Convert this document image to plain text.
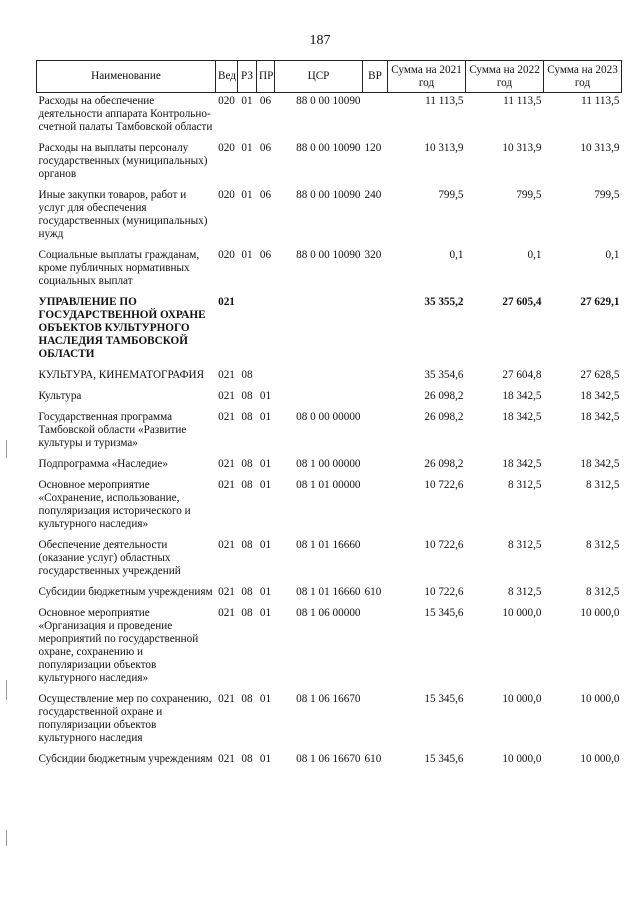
187
Наименование	Вед	РЗ	ПР	ЦСР	ВР	Сумма на 2021 год	Сумма на 2022 год	Сумма на 2023 год
Расходы на обеспечение деятельности аппарата Контрольно-счетной палаты Тамбовской области	020	01	06	88 0 00 10090		11 113,5	11 113,5	11 113,5
Расходы на выплаты персоналу государственных (муниципальных) органов	020	01	06	88 0 00 10090	120	10 313,9	10 313,9	10 313,9
Иные закупки товаров, работ и услуг для обеспечения государственных (муниципальных) нужд	020	01	06	88 0 00 10090	240	799,5	799,5	799,5
Социальные выплаты гражданам, кроме публичных нормативных социальных выплат	020	01	06	88 0 00 10090	320	0,1	0,1	0,1
УПРАВЛЕНИЕ ПО ГОСУДАРСТВЕННОЙ ОХРАНЕ ОБЪЕКТОВ КУЛЬТУРНОГО НАСЛЕДИЯ ТАМБОВСКОЙ ОБЛАСТИ	021					35 355,2	27 605,4	27 629,1
КУЛЬТУРА, КИНЕМАТОГРАФИЯ	021	08				35 354,6	27 604,8	27 628,5
Культура	021	08	01			26 098,2	18 342,5	18 342,5
Государственная программа Тамбовской области «Развитие культуры и туризма»	021	08	01	08 0 00 00000		26 098,2	18 342,5	18 342,5
Подпрограмма «Наследие»	021	08	01	08 1 00 00000		26 098,2	18 342,5	18 342,5
Основное мероприятие «Сохранение, использование, популяризация исторического и культурного наследия»	021	08	01	08 1 01 00000		10 722,6	8 312,5	8 312,5
Обеспечение деятельности (оказание услуг) областных государственных учреждений	021	08	01	08 1 01 16660		10 722,6	8 312,5	8 312,5
Субсидии бюджетным учреждениям	021	08	01	08 1 01 16660	610	10 722,6	8 312,5	8 312,5
Основное мероприятие «Организация и проведение мероприятий по государственной охране, сохранению и популяризации объектов культурного наследия»	021	08	01	08 1 06 00000		15 345,6	10 000,0	10 000,0
Осуществление мер по сохранению, государственной охране и популяризации объектов культурного наследия	021	08	01	08 1 06 16670		15 345,6	10 000,0	10 000,0
Субсидии бюджетным учреждениям	021	08	01	08 1 06 16670	610	15 345,6	10 000,0	10 000,0
